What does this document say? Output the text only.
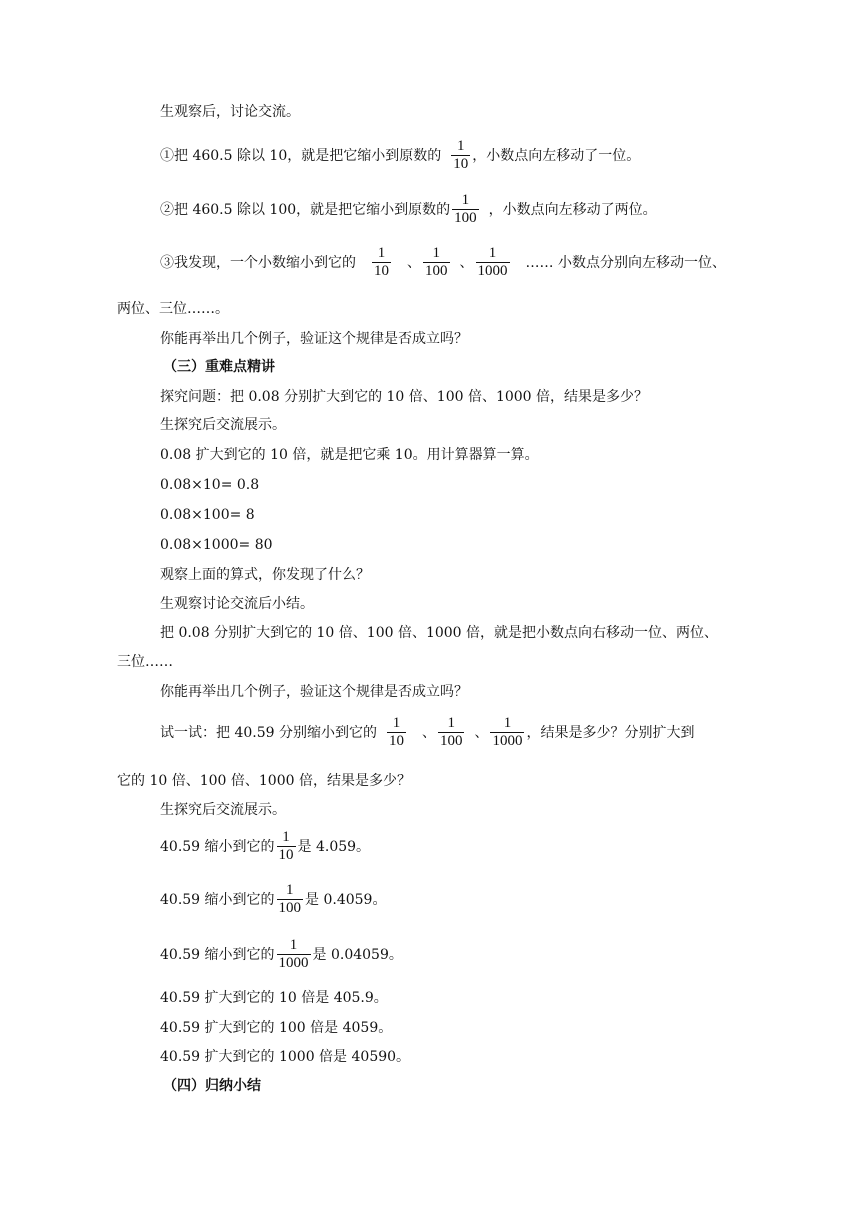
生观察后，讨论交流。
①把 460.5 除以 10，就是把它缩小到原数的 $\frac{1}{10}$ ，小数点向左移动了一位。
②把 460.5 除以 100，就是把它缩小到原数的 $\frac{1}{100}$ ，小数点向左移动了两位。
③我发现，一个小数缩小到它的 $\frac{1}{10}$ 、 $\frac{1}{100}$ 、 $\frac{1}{1000}$ …… 小数点分别向左移动一位、
两位、三位……。
你能再举出几个例子，验证这个规律是否成立吗？
（三）重难点精讲
探究问题：把 0.08 分别扩大到它的 10 倍、100 倍、1000 倍，结果是多少？
生探究后交流展示。
0.08 扩大到它的 10 倍，就是把它乘 10。用计算器算一算。
0.08×10= 0.8
0.08×100= 8
0.08×1000= 80
观察上面的算式，你发现了什么？
生观察讨论交流后小结。
把 0.08 分别扩大到它的 10 倍、100 倍、1000 倍，就是把小数点向右移动一位、两位、
三位……
你能再举出几个例子，验证这个规律是否成立吗？
试一试：把 40.59 分别缩小到它的 $\frac{1}{10}$ 、 $\frac{1}{100}$ 、 $\frac{1}{1000}$ ，结果是多少？分别扩大到
它的 10 倍、100 倍、1000 倍，结果是多少？
生探究后交流展示。
40.59 缩小到它的 $\frac{1}{10}$ 是 4.059。
40.59 缩小到它的 $\frac{1}{100}$ 是 0.4059。
40.59 缩小到它的 $\frac{1}{1000}$ 是 0.04059。
40.59 扩大到它的 10 倍是 405.9。
40.59 扩大到它的 100 倍是 4059。
40.59 扩大到它的 1000 倍是 40590。
（四）归纳小结
